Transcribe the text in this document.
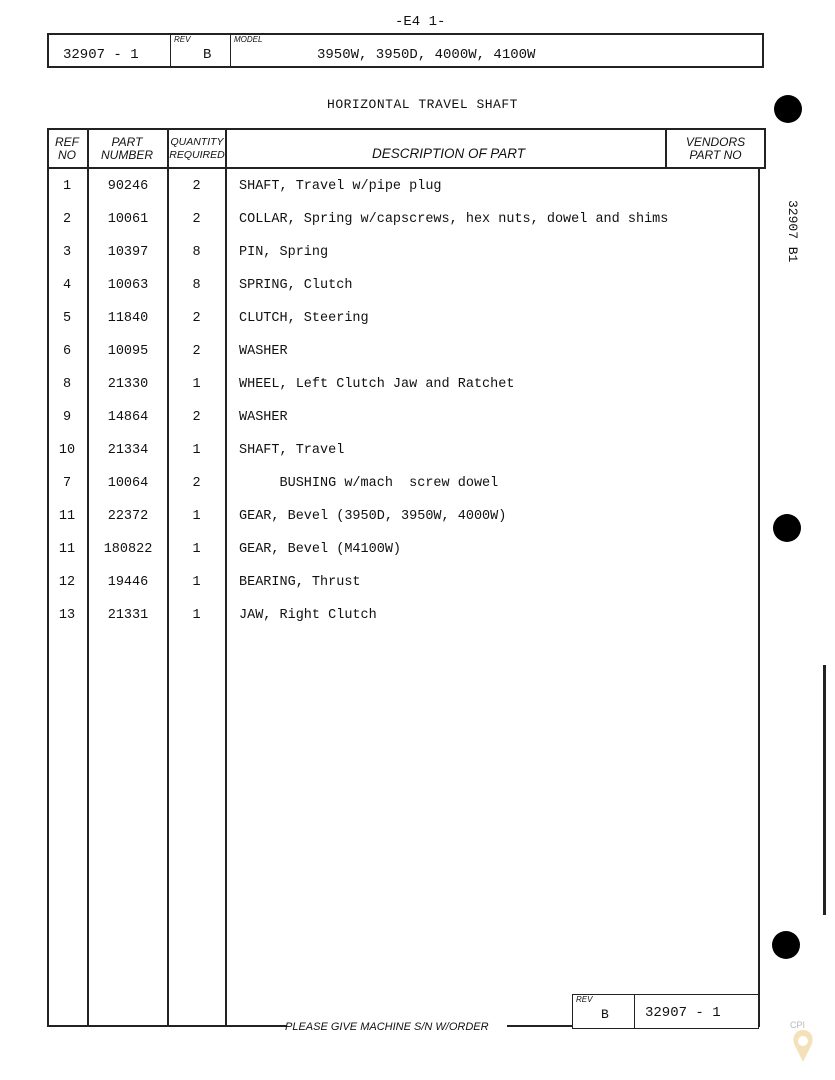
-E4 1-
32907 - 1
REV
B
MODEL
3950W, 3950D, 4000W, 4100W
HORIZONTAL TRAVEL SHAFT
REF
NO
PART
NUMBER
QUANTITY
REQUIRED	DESCRIPTION OF PART
VENDORS
PART NO
1	90246	2	SHAFT, Travel w/pipe plug
2	10061	2	COLLAR, Spring w/capscrews, hex nuts, dowel and shims
3	10397	8	PIN, Spring
4	10063	8	SPRING, Clutch
5	11840	2	CLUTCH, Steering
6	10095	2	WASHER
8	21330	1	WHEEL, Left Clutch Jaw and Ratchet
9	14864	2	WASHER
10	21334	1	SHAFT, Travel
7	10064	2	BUSHING w/mach  screw dowel
11	22372	1	GEAR, Bevel (3950D, 3950W, 4000W)
11	180822	1	GEAR, Bevel (M4100W)
12	19446	1	BEARING, Thrust
13	21331	1	JAW, Right Clutch
REV
B	32907 - 1
PLEASE GIVE MACHINE S/N W/ORDER
32907 B1
CPI
